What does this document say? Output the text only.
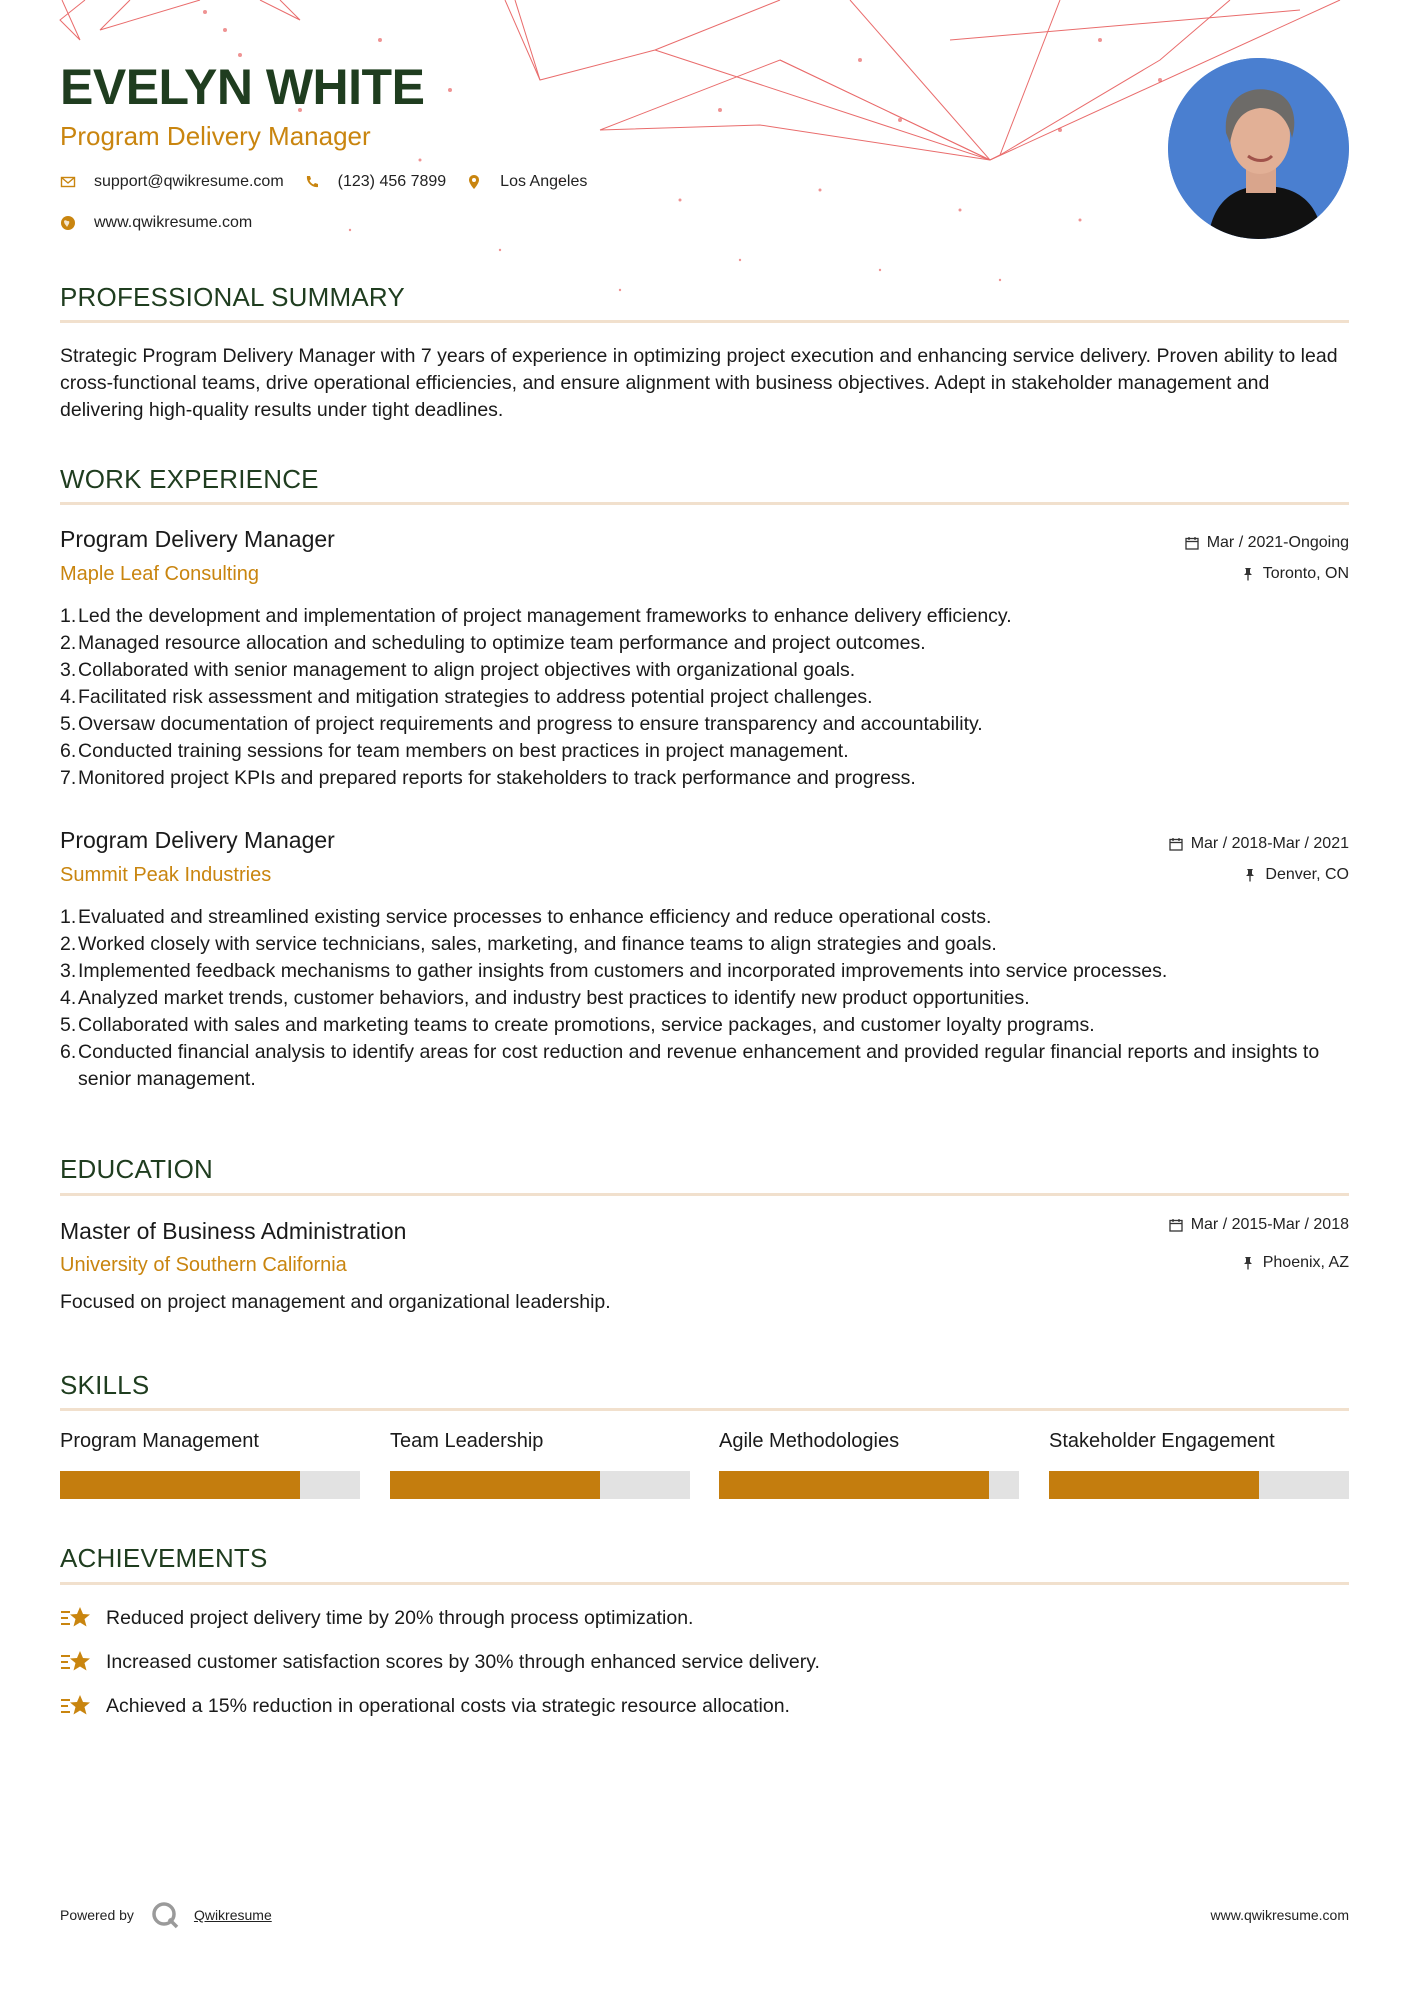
EVELYN WHITE
Program Delivery Manager
support@qwikresume.com	(123) 456 7899	Los Angeles
www.qwikresume.com
PROFESSIONAL SUMMARY
Strategic Program Delivery Manager with 7 years of experience in optimizing project execution and enhancing service delivery. Proven ability to lead cross-functional teams, drive operational efficiencies, and ensure alignment with business objectives. Adept in stakeholder management and delivering high-quality results under tight deadlines.
WORK EXPERIENCE
Program Delivery Manager
Maple Leaf Consulting
Mar / 2021-Ongoing
Toronto, ON
1. Led the development and implementation of project management frameworks to enhance delivery efficiency.
2. Managed resource allocation and scheduling to optimize team performance and project outcomes.
3. Collaborated with senior management to align project objectives with organizational goals.
4. Facilitated risk assessment and mitigation strategies to address potential project challenges.
5. Oversaw documentation of project requirements and progress to ensure transparency and accountability.
6. Conducted training sessions for team members on best practices in project management.
7. Monitored project KPIs and prepared reports for stakeholders to track performance and progress.
Program Delivery Manager
Summit Peak Industries
Mar / 2018-Mar / 2021
Denver, CO
1. Evaluated and streamlined existing service processes to enhance efficiency and reduce operational costs.
2. Worked closely with service technicians, sales, marketing, and finance teams to align strategies and goals.
3. Implemented feedback mechanisms to gather insights from customers and incorporated improvements into service processes.
4. Analyzed market trends, customer behaviors, and industry best practices to identify new product opportunities.
5. Collaborated with sales and marketing teams to create promotions, service packages, and customer loyalty programs.
6. Conducted financial analysis to identify areas for cost reduction and revenue enhancement and provided regular financial reports and insights to senior management.
EDUCATION
Master of Business Administration
University of Southern California
Mar / 2015-Mar / 2018
Phoenix, AZ
Focused on project management and organizational leadership.
SKILLS
Program Management	Team Leadership	Agile Methodologies	Stakeholder Engagement
ACHIEVEMENTS
Reduced project delivery time by 20% through process optimization.
Increased customer satisfaction scores by 30% through enhanced service delivery.
Achieved a 15% reduction in operational costs via strategic resource allocation.
Powered by	Qwikresume	www.qwikresume.com
